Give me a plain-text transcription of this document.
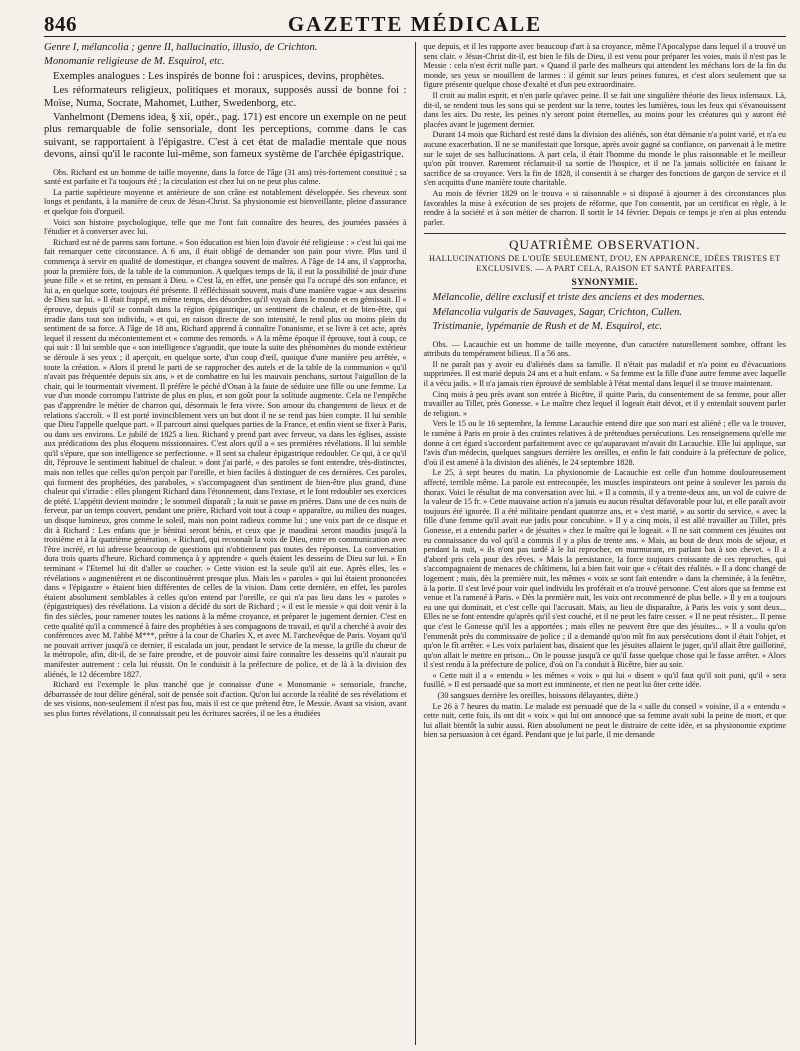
846	GAZETTE MÉDICALE

Genre I, mélancolia ; genre II, hallucinatio, illusio, de Crichton.

Monomanie religieuse de M. Esquirol, etc.

Exemples analogues : Les inspirés de bonne foi : aruspices, devins, prophètes.

Les réformateurs religieux, politiques et moraux, supposés aussi de bonne foi : Moïse, Numa, Socrate, Mahomet, Luther, Swedenborg, etc.

Vanhelmont (Demens idea, § xii, opér., pag. 171) est encore un exemple on ne peut plus remarquable de folie sensoriale, dont les perceptions, comme dans le cas suivant, se rapportaient à l'épigastre. C'est à cet état de maladie mentale que nous devons, ainsi qu'il le raconte lui-même, son fameux système de l'archée épigastrique.

Obs. Richard est un homme de taille moyenne, dans la force de l'âge (31 ans) très-fortement constitué ; sa santé est parfaite et l'a toujours été ; la circulation est chez lui on ne peut plus calme.

La partie supérieure moyenne et antérieure de son crâne est notablement développée. Ses cheveux sont longs et pendants, à la manière de ceux de Jésus-Christ. Sa physionomie est bienveillante, pleine d'assurance et quelque fois d'orgueil.

Voici son histoire psychologique, telle que me l'ont fait connaître des heures, des journées passées à l'étudier et à converser avec lui.

Richard est né de parens sans fortune. « Son éducation est bien loin d'avoir été religieuse : » c'est lui qui me fait remarquer cette circonstance. A 6 ans, il était obligé de demander son pain pour vivre. Plus tard il commença à servir en qualité de domestique, et changea souvent de maîtres. A l'âge de 14 ans, il s'approcha, pour la première fois, de la table de la communion. A quelques temps de là, il eut la possibilité de jouir d'une jeune fille « et se retint, en pensant à Dieu. » C'est là, en effet, une pensée qui l'a occupé dès son enfance, et lui a, en quelque sorte, toujours été présente. Il réfléchissait souvent, mais d'une manière vague « aux desseins de Dieu sur lui. » Il était frappé, en même temps, des désordres qu'il voyait dans le monde et en gémissait. Il « éprouve, depuis qu'il se connaît dans la région épigastrique, un sentiment de chaleur, et de bien-être, qui irradie dans tout son individu, » et qui, en raison directe de son intensité, le rend plus ou moins plein du sentiment de sa force. A l'âge de 18 ans, Richard apprend à connaître l'onanisme, et se livre à cet acte, après lequel il ressent du mécontentement et « comme des remords. » A la même époque il éprouve, tout à coup, ce qui suit : Il lui semble que « son intelligence s'agrandit, que toute la suite des phénomènes du monde extérieur se déroule à ses yeux ; il aperçoit, en quelque sorte, d'un coup d'œil, quoique d'une manière peu arrêtée, « toute la création. » Alors il prend le parti de se rapprocher des autels et de la table de la communion « qu'il n'avait pas fréquentée depuis six ans, » et de combattre en lui les mauvais penchans, surtout l'aiguillon de la chair, qui le tourmentait vivement. Il préfère le péché d'Onan à la faute de séduire une fille ou une femme. La vue d'un monde corrompu l'attriste de plus en plus, et son goût pour la solitude augmente. Cela ne l'empêche pas d'apprendre le métier de charron qui, désormais le fera vivre. Son amour du changement de lieux et de relations s'accroît. « Il est porté invinciblement vers un but dont il ne se rend pas bien compte. Il lui semble que Dieu l'appelle quelque part. » Il parcourt ainsi quelques parties de la France, et enfin vient se fixer à Paris, ou dans ses environs. Le jubilé de 1825 a lieu. Richard y prend part avec ferveur, va dans les églises, assiste aux prédications des plus éloquens missionnaires. C'est alors qu'il a « ses premières révélations. Il lui semble qu'il s'épure, que son intelligence se perfectionne. » Il sent sa chaleur épigastrique redoubler. Ce qui, à ce qu'il dit, l'éprouve le sentiment habituel de chaleur. » dont j'ai parlé, « des paroles se font entendre, très-distinctes, mais non telles que celles qu'on perçoit par l'oreille, et bien faciles à distinguer de ces dernières. Ces paroles, qui forment des prophéties, des paraboles, » s'accompagnent d'un sentiment de bien-être plus grand, d'une chaleur qui s'irradie : elles plongent Richard dans l'étonnement, dans l'extase, et le font redoubler ses exercices de piété. L'appétit devient moindre ; le sommeil disparaît ; la nuit se passe en prières. Dans une de ces nuits de ferveur, par un temps couvert, pendant une prière, Richard voit tout à coup « apparaître, au milieu des nuages, un disque lumineux, gros comme le soleil, mais non point radieux comme lui ; une voix part de ce disque et dit à Richard : Les enfans que je bénirai seront bénis, et ceux que je maudirai seront maudits jusqu'à la troisième et à la quatrième génération. » Richard, qui reconnaît la voix de Dieu, entre en communication avec l'être incréé, et lui adresse beaucoup de questions qui n'obtiennent pas toutes des réponses. La conversation dura trois quarts d'heure. Richard commença à y apprendre « quels étaient les desseins de Dieu sur lui. » En terminant « l'Eternel lui dit d'aller se coucher. » Cette vision est la seule qu'il ait eue. Après elles, les « révélations » augmentèrent et ne discontinuèrent presque plus. Mais les « paroles » qui lui étaient prononcées dans « l'épigastre » étaient bien différentes de celles de la vision. Dans cette dernière, en effet, les paroles étaient absolument semblables à celles qu'on entend par l'oreille, ce qui n'a pas lieu dans les « paroles » (épigastriques) des révélations. La vision a décidé du sort de Richard ; « il est le messie » qui doit venir à la fin des siècles, pour ramener toutes les nations à la même croyance, et préparer le jugement dernier. C'est en cette qualité qu'il a commencé à faire des prophéties à ses compagnons de travail, et qu'il a cherché à avoir des conférences avec M. l'abbé M***, prêtre à la cour de Charles X, et avec M. l'archevêque de Paris. Voyant qu'il ne pouvait arriver jusqu'à ce dernier, il escalada un jour, pendant le service de la messe, la grille du chœur de la métropole, afin, dit-il, de se faire prendre, et de pouvoir ainsi faire connaître les desseins qu'il n'aurait pu manifester autrement : cela lui réussit. On le conduisit à la préfecture de police, et de là à la division des aliénés, le 12 décembre 1827.

Richard est l'exemple le plus tranché que je connaisse d'une « Monomanie » sensoriale, franche, débarrassée de tout délire général, soit de pensée soit d'action. Qu'on lui accorde la réalité de ses révélations et de ses visions, non-seulement il n'est pas fou, mais il est ce que prétend être, le Messie. Avant sa vision, avant ses plus fortes révélations, il connaissait peu les écritures sacrées, il ne les a étudiées

que depuis, et il les rapporte avec beaucoup d'art à sa croyance, même l'Apocalypse dans lequel il a trouvé un sens clair. « Jésus-Christ dit-il, est bien le fils de Dieu, il est venu pour préparer les voies, mais il n'est pas le Messie : cela n'est écrit nulle part. » Quand il parle des malheurs qui attendent les méchans lors de la fin du monde, ses yeux se mouillent de larmes : il gémit sur leurs peines futures, et c'est alors seulement que sa figure présente quelque chose d'exalté et d'un peu extraordinaire.

Il croit au malin esprit, et n'en parle qu'avec peine. Il se fait une singulière théorie des lieux infernaux. Là, dit-il, se rendent tous les sons qui se perdent sur la terre, toutes les lumières, tous les feux qui s'évanouissent dans les airs. Du reste, les peines n'y seront point éternelles, au moins pour les créatures qui y auront été placées avant le jugement dernier.

Durant 14 mois que Richard est resté dans la division des aliénés, son état démanie n'a point varié, et n'a eu aucune exacerbation. Il ne se manifestait que lorsque, après avoir gagné sa confiance, on parvenait à le mettre sur le sujet de ses hallucinations. A part cela, il était l'homme du monde le plus raisonnable et le meilleur qu'on pût trouver. Rarement réclamait-il sa sortie de l'hospice, et il ne l'a jamais sollicitée en faisant le sacrifice de sa croyance. Vers la fin de 1828, il consentit à se charger des fonctions de garçon de service et il s'en acquitta d'une manière toute charitable.

Au mois de février 1829 on le trouva « si raisonnable » si disposé à ajourner à des circonstances plus favorables la mise à exécution de ses projets de réforme, que l'on consentit, par un certificat en règle, à le rendre à la société et à son métier de charron. Il sortit le 14 février. Depuis ce temps je n'en ai plus entendu parler.

QUATRIÈME OBSERVATION.
HALLUCINATIONS DE L'OUÏE SEULEMENT, D'OU, EN APPARENCE, IDÉES TRISTES ET EXCLUSIVES. — A PART CELA, RAISON ET SANTÉ PARFAITES.
SYNONYMIE.

Mélancolie, délire exclusif et triste des anciens et des modernes.

Mélancolia vulgaris de Sauvages, Sagar, Crichton, Cullen.

Tristimanie, lypémanie de Rush et de M. Esquirol, etc.

Obs. — Lacauchie est un homme de taille moyenne, d'un caractère naturellement sombre, offrant les attributs du tempérament bilieux. Il a 56 ans.

Il ne paraît pas y avoir eu d'aliénés dans sa famille. Il n'était pas maladif et n'a point eu d'évacuations supprimées. Il est marié depuis 24 ans et a huit enfans. « Sa femme est la fille d'une autre femme avec laquelle il a vécu jadis. » Il n'a jamais rien éprouvé de semblable à l'état mental dans lequel il se trouve maintenant.

Cinq mois à peu près avant son entrée à Bicêtre, il quitte Paris, du consentement de sa femme, pour aller travailler au Tillet, près Gonesse. « Le maître chez lequel il logeait était dévot, et il y entendait souvent parler de religion. »

Vers le 15 ou le 16 septembre, la femme Lacauchie entend dire que son mari est aliéné ; elle va le trouver, le ramène à Paris en proie à des craintes relatives à de prétendues persécutions. Les renseignemens qu'elle me donne à cet égard s'accordent parfaitement avec ce qu'auparavant m'avait dit Lacauchie. Elle lui applique, sur l'avis d'un médecin, quelques sangsues derrière les oreilles, et enfin le fait conduire à la préfecture de police, d'où il est amené à la division des aliénés, le 24 septembre 1828.

Le 25, à sept heures du matin. La physionomie de Lacauchie est celle d'un homme douloureusement affecté, terrible même. La parole est entrecoupée, les muscles inspirateurs ont peine à soulever les parois du thorax. Voici le résultat de ma conversation avec lui. « Il a commis, il y a trente-deux ans, un vol de cuivre de la valeur de 15 fr. » Cette mauvaise action n'a jamais eu aucun résultat défavorable pour lui, et elle paraît avoir toujours été ignorée. Il a été militaire pendant quatorze ans, et « s'est marié, » au sortir du service, « avec la fille d'une femme qu'il avait eue jadis pour concubine. » Il y a cinq mois, il est allé travailler au Tillet, près Gonesse, et a entendu parler « de jésuites » chez le maître qui le logeait. « Il ne sait comment ces jésuites ont eu connaissance du vol qu'il a commis il y a plus de trente ans. » Mais, au bout de deux mois de séjour, et pendant la nuit, « ils n'ont pas tardé à le lui reprocher, en murmurant, en parlant bas à son chevet. « Il a d'abord pris cela pour des rêves. » Mais la persistance, la force toujours croissante de ces reproches, qui s'accompagnaient de menaces de châtimens, lui a bien fait voir que « c'était des réalités. » Il a donc changé de logement ; mais, dès la première nuit, les mêmes « voix se sont fait entendre » dans la cheminée, à la fenêtre, à la porte. Il s'est levé pour voir quel individu les proférait et n'a trouvé personne. C'est alors que sa femme est venue et l'a ramené à Paris. « Dès la première nuit, les voix ont recommencé de plus belle. » Il y en a toujours eu une qui dominait, et c'est celle qui l'accusait. Mais, au lieu de disparaître, à Paris les voix y sont deux... Elles ne se font entendre qu'après qu'il s'est couché, et il ne peut les faire cesser. « Il ne peut résister... Il pense que c'est le Gonesse qu'il les a apportées ; mais elles ne peuvent être que des jésuites... » Il a voulu qu'on l'emmenât près du commissaire de police ; il a demandé qu'on mît fin aux persécutions dont il était l'objet, et qu'on le fît arrêter. « Les voix parlaient bas, disaient que les jésuites allaient le juger, qu'il allait être guillotiné, qu'on allait le mettre en prison... On le pousse jusqu'à ce qu'il fasse quelque chose qui le fasse arrêter. » Alors il s'est rendu à la préfecture de police, d'où on l'a conduit à Bicêtre, hier au soir.

« Cette nuit il a « entendu » les mêmes « voix » qui lui « disent » qu'il faut qu'il soit puni, qu'il « sera fusillé. » Il est persuadé que sa mort est imminente, et rien ne peut lui ôter cette idée.

(30 sangsues derrière les oreilles, boissons délayantes, diète.)

Le 26 à 7 heures du matin. Le malade est persuadé que de la « salle du conseil » voisine, il a « entendu » cette nuit, cette fois, ils ont dit « voix » qui lui ont annoncé que sa femme avait subi la peine de mort, et que lui allait bientôt la subir aussi. Rien absolument ne peut le distraire de cette idée, et sa physionomie exprime bien sa persuasion à cet égard. Pendant que je lui parle, il me demande
